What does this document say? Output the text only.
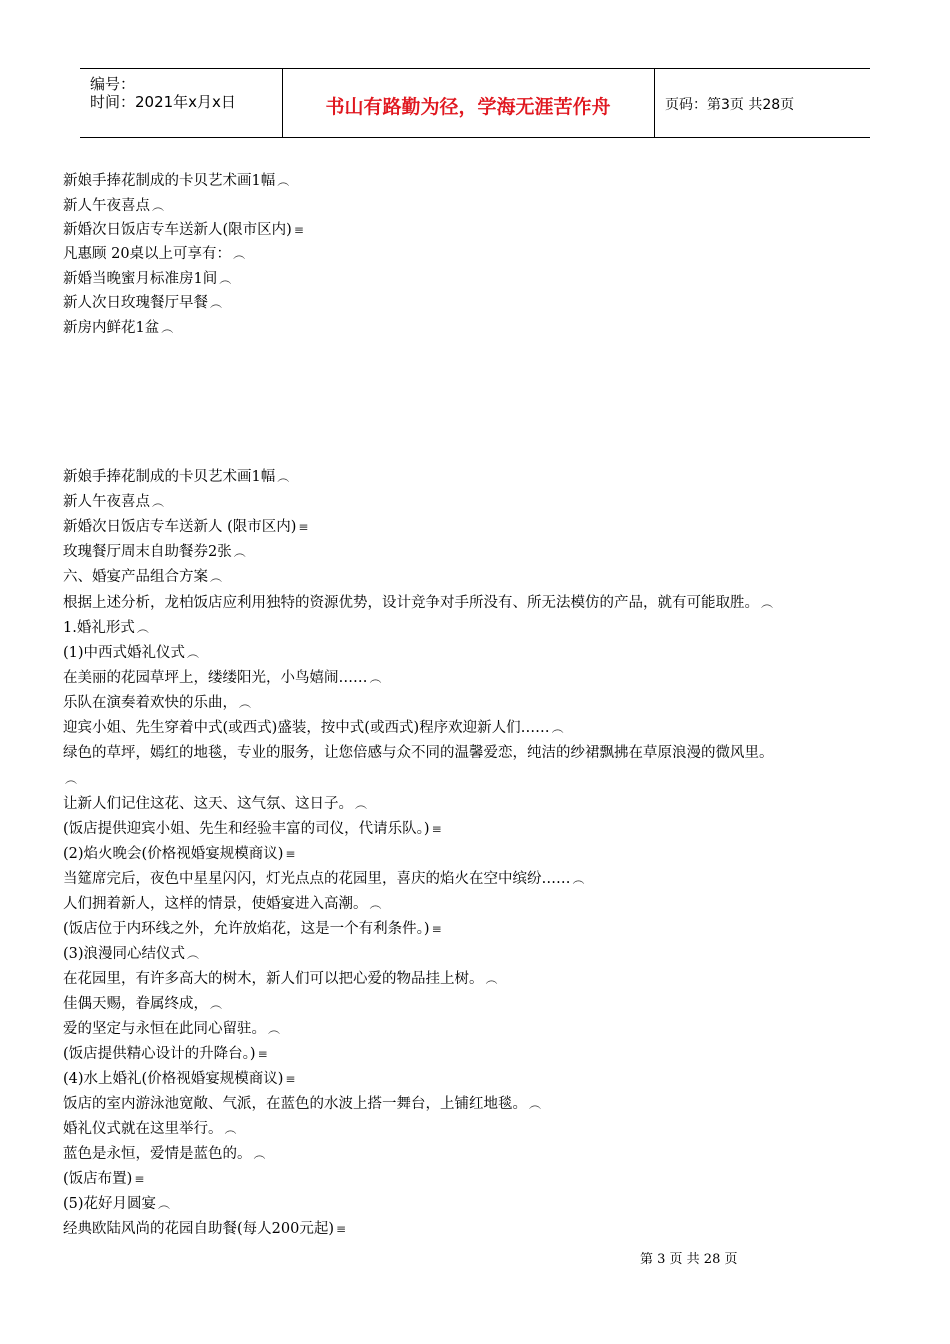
编号：
时间：2021年x月x日	书山有路勤为径，学海无涯苦作舟	页码：第3页 共28页
新娘手捧花制成的卡贝艺术画1幅 ︵
新人午夜喜点 ︵
新婚次日饭店专车送新人(限市区内) ≡
凡惠顾 20桌以上可享有： ︵
新婚当晚蜜月标准房1间 ︵
新人次日玫瑰餐厅早餐 ︵
新房内鲜花1盆 ︵
新娘手捧花制成的卡贝艺术画1幅 ︵
新人午夜喜点 ︵
新婚次日饭店专车送新人 (限市区内) ≡
玫瑰餐厅周末自助餐券2张 ︵
六、婚宴产品组合方案 ︵
根据上述分析，龙柏饭店应利用独特的资源优势，设计竞争对手所没有、所无法模仿的产品，就有可能取胜。 ︵
1.婚礼形式 ︵
(1)中西式婚礼仪式 ︵
在美丽的花园草坪上，缕缕阳光，小鸟嬉闹…… ︵
乐队在演奏着欢快的乐曲， ︵
迎宾小姐、先生穿着中式(或西式)盛装，按中式(或西式)程序欢迎新人们…… ︵
绿色的草坪，嫣红的地毯，专业的服务，让您倍感与众不同的温馨爱恋，纯洁的纱裙飘拂在草原浪漫的微风里。
︵
让新人们记住这花、这天、这气氛、这日子。 ︵
(饭店提供迎宾小姐、先生和经验丰富的司仪，代请乐队。) ≡
(2)焰火晚会(价格视婚宴规模商议) ≡
当筵席完后，夜色中星星闪闪，灯光点点的花园里，喜庆的焰火在空中缤纷…… ︵
人们拥着新人，这样的情景，使婚宴进入高潮。 ︵
(饭店位于内环线之外，允许放焰花，这是一个有利条件。) ≡
(3)浪漫同心结仪式 ︵
在花园里，有许多高大的树木，新人们可以把心爱的物品挂上树。 ︵
佳偶天赐，眷属终成， ︵
爱的坚定与永恒在此同心留驻。 ︵
(饭店提供精心设计的升降台。) ≡
(4)水上婚礼(价格视婚宴规模商议) ≡
饭店的室内游泳池宽敞、气派，在蓝色的水波上搭一舞台，上铺红地毯。 ︵
婚礼仪式就在这里举行。 ︵
蓝色是永恒，爱情是蓝色的。 ︵
(饭店布置) ≡
(5)花好月圆宴 ︵
经典欧陆风尚的花园自助餐(每人200元起) ≡
第 3 页 共 28 页
